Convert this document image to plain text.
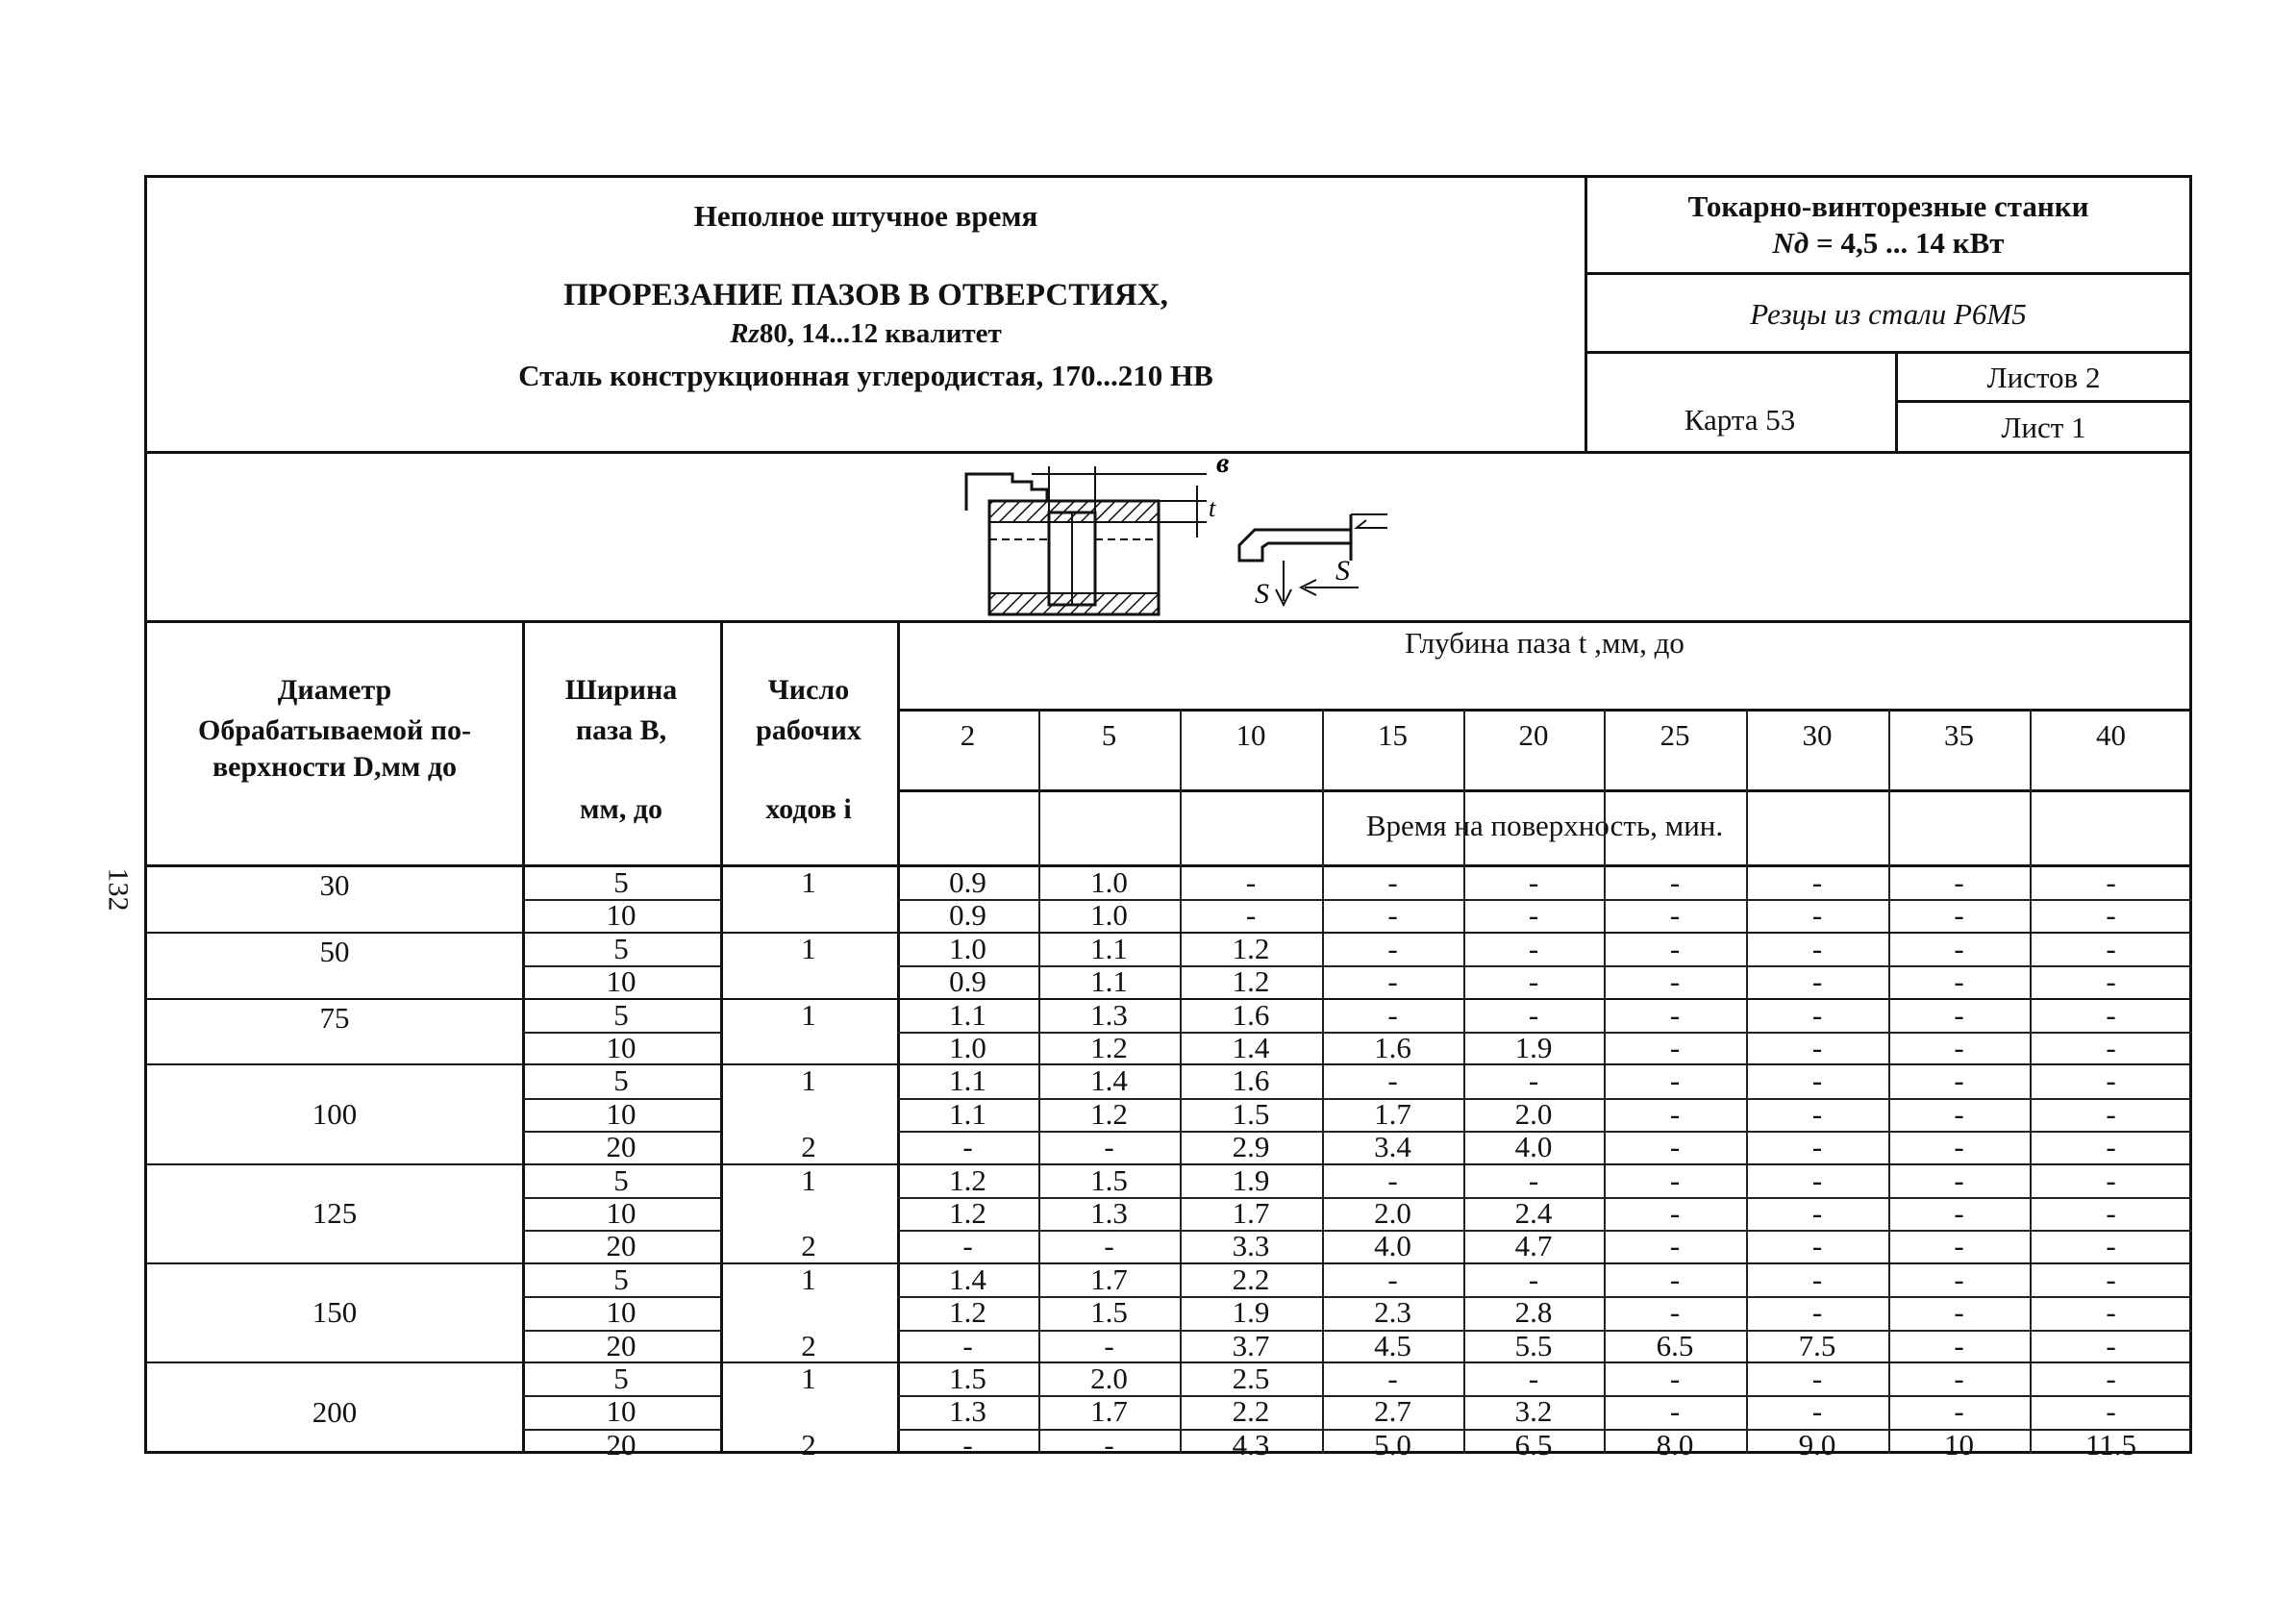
132
Неполное штучное время
ПРОРЕЗАНИЕ ПАЗОВ В ОТВЕРСТИЯХ,
Rz80, 14...12 квалитет
Сталь конструкционная углеродистая, 170...210 НВ
Токарно-винторезные станки
Nд = 4,5 ... 14 кВт
Резцы из стали Р6М5
Карта 53
Листов 2
Лист 1
в
t
S
S
Диаметр
Обрабатываемой по-
верхности D,мм до
Ширина
паза B,
мм, до
Число
рабочих
ходов i
Глубина паза t ,мм, до
Время на поверхность, мин.
2	5	10	15	20	25	30	35	40
30	5	1	0.9	1.0	-	-	-	-	-	-	-
10	0.9	1.0	-	-	-	-	-	-	-
50	5	1	1.0	1.1	1.2	-	-	-	-	-	-
10	0.9	1.1	1.2	-	-	-	-	-	-
75	5	1	1.1	1.3	1.6	-	-	-	-	-	-
10	1.0	1.2	1.4	1.6	1.9	-	-	-	-
100
5	1	1.1	1.4	1.6	-	-	-	-	-	-
10	1.1	1.2	1.5	1.7	2.0	-	-	-	-
20	2	-	-	2.9	3.4	4.0	-	-	-	-
125
5	1	1.2	1.5	1.9	-	-	-	-	-	-
10	1.2	1.3	1.7	2.0	2.4	-	-	-	-
20	2	-	-	3.3	4.0	4.7	-	-	-	-
150
5	1	1.4	1.7	2.2	-	-	-	-	-	-
10	1.2	1.5	1.9	2.3	2.8	-	-	-	-
20	2	-	-	3.7	4.5	5.5	6.5	7.5	-	-
200
5	1	1.5	2.0	2.5	-	-	-	-	-	-
10	1.3	1.7	2.2	2.7	3.2	-	-	-	-
20	2	-	-	4.3	5.0	6.5	8.0	9.0	10	11.5
